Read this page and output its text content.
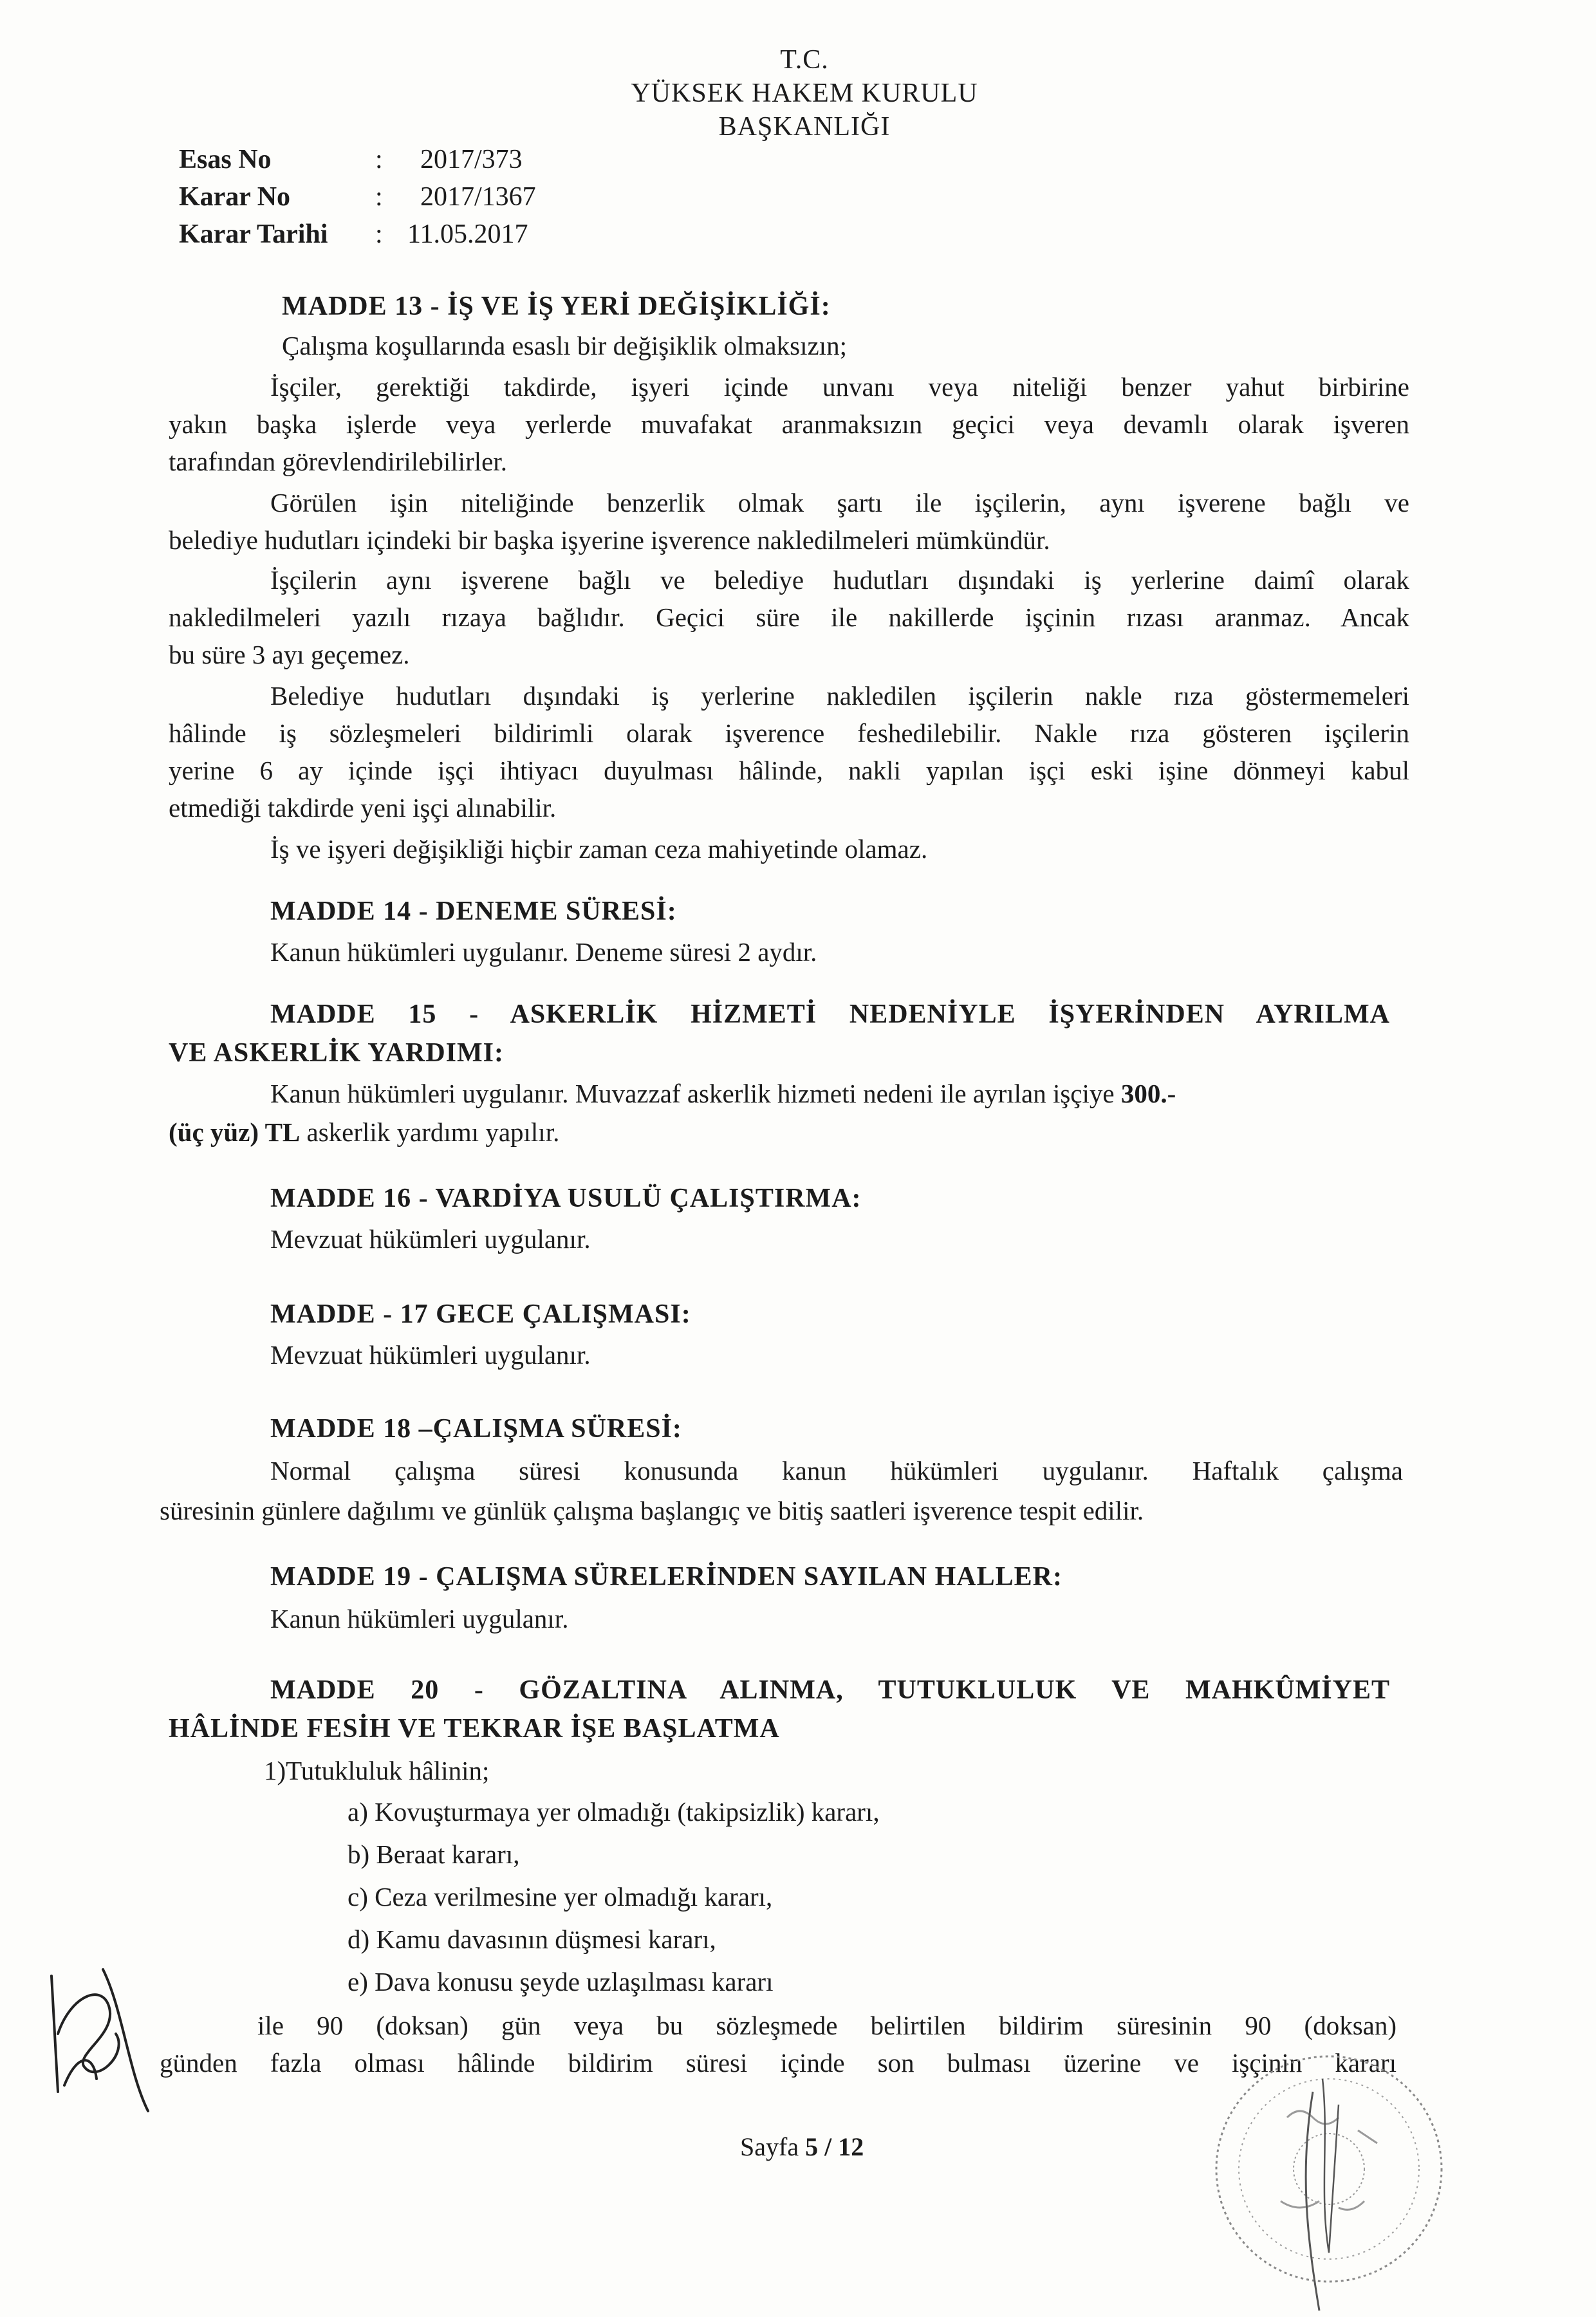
T.C.
YÜKSEK HAKEM KURULU
BAŞKANLIĞI
Esas No	: 2017/373
Karar No	: 2017/1367
Karar Tarihi : 11.05.2017
MADDE 13 - İŞ VE İŞ YERİ DEĞİŞİKLİĞİ:
Çalışma koşullarında esaslı bir değişiklik olmaksızın;
İşçiler, gerektiği takdirde, işyeri içinde unvanı veya niteliği benzer yahut birbirine
yakın başka işlerde veya yerlerde muvafakat aranmaksızın geçici veya devamlı olarak işveren
tarafından görevlendirilebilirler.
Görülen işin niteliğinde benzerlik olmak şartı ile işçilerin, aynı işverene bağlı ve
belediye hudutları içindeki bir başka işyerine işverence nakledilmeleri mümkündür.
İşçilerin aynı işverene bağlı ve belediye hudutları dışındaki iş yerlerine daimî olarak
nakledilmeleri yazılı rızaya bağlıdır. Geçici süre ile nakillerde işçinin rızası aranmaz. Ancak
bu süre 3 ayı geçemez.
Belediye hudutları dışındaki iş yerlerine nakledilen işçilerin nakle rıza göstermemeleri
hâlinde iş sözleşmeleri bildirimli olarak işverence feshedilebilir. Nakle rıza gösteren işçilerin
yerine 6 ay içinde işçi ihtiyacı duyulması hâlinde, nakli yapılan işçi eski işine dönmeyi kabul
etmediği takdirde yeni işçi alınabilir.
İş ve işyeri değişikliği hiçbir zaman ceza mahiyetinde olamaz.
MADDE 14 - DENEME SÜRESİ:
Kanun hükümleri uygulanır. Deneme süresi 2 aydır.
MADDE 15 - ASKERLİK HİZMETİ NEDENİYLE İŞYERİNDEN AYRILMA
VE ASKERLİK YARDIMI:
Kanun hükümleri uygulanır. Muvazzaf askerlik hizmeti nedeni ile ayrılan işçiye 300.-
(üç yüz) TL askerlik yardımı yapılır.
MADDE 16 - VARDİYA USULÜ ÇALIŞTIRMA:
Mevzuat hükümleri uygulanır.
MADDE - 17 GECE ÇALIŞMASI:
Mevzuat hükümleri uygulanır.
MADDE 18 –ÇALIŞMA SÜRESİ:
Normal çalışma süresi konusunda kanun hükümleri uygulanır. Haftalık çalışma
süresinin günlere dağılımı ve günlük çalışma başlangıç ve bitiş saatleri işverence tespit edilir.
MADDE 19 - ÇALIŞMA SÜRELERİNDEN SAYILAN HALLER:
Kanun hükümleri uygulanır.
MADDE 20 - GÖZALTINA ALINMA, TUTUKLULUK VE MAHKÛMİYET
HÂLİNDE FESİH VE TEKRAR İŞE BAŞLATMA
1)Tutukluluk hâlinin;
a) Kovuşturmaya yer olmadığı (takipsizlik) kararı,
b) Beraat kararı,
c) Ceza verilmesine yer olmadığı kararı,
d) Kamu davasının düşmesi kararı,
e) Dava konusu şeyde uzlaşılması kararı
ile 90 (doksan) gün veya bu sözleşmede belirtilen bildirim süresinin 90 (doksan)
günden fazla olması hâlinde bildirim süresi içinde son bulması üzerine ve işçinin kararı
Sayfa 5 / 12
